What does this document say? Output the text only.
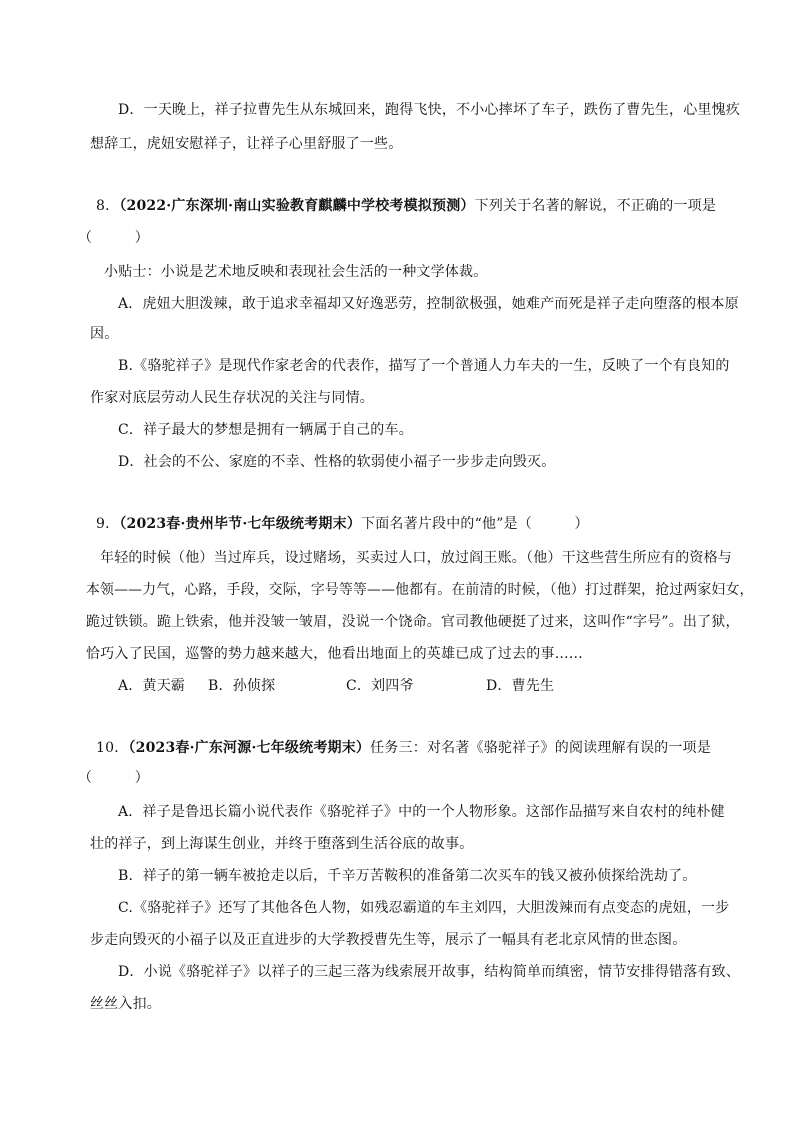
D．一天晚上，祥子拉曹先生从东城回来，跑得飞快，不小心摔坏了车子，跌伤了曹先生，心里愧疚
想辞工，虎妞安慰祥子，让祥子心里舒服了一些。
8．（2022·广东深圳·南山实验教育麒麟中学校考模拟预测）下列关于名著的解说，不正确的一项是
（　　　）
小贴士：小说是艺术地反映和表现社会生活的一种文学体裁。
A．虎妞大胆泼辣，敢于追求幸福却又好逸恶劳，控制欲极强，她难产而死是祥子走向堕落的根本原
因。
B.《骆驼祥子》是现代作家老舍的代表作，描写了一个普通人力车夫的一生，反映了一个有良知的
作家对底层劳动人民生存状况的关注与同情。
C．祥子最大的梦想是拥有一辆属于自己的车。
D．社会的不公、家庭的不幸、性格的软弱使小福子一步步走向毁灭。
9．（2023春·贵州毕节·七年级统考期末）下面名著片段中的“他”是（　　　）
年轻的时候（他）当过库兵，设过赌场，买卖过人口，放过阎王账。（他）干这些营生所应有的资格与
本领——力气，心路，手段，交际，字号等等——他都有。在前清的时候，（他）打过群架，抢过两家妇女，
跪过铁锁。跪上铁索，他并没皱一皱眉，没说一个饶命。官司教他硬挺了过来，这叫作“字号”。出了狱，
恰巧入了民国，巡警的势力越来越大，他看出地面上的英雄已成了过去的事……
A．黄天霸 B．孙侦探	C．刘四爷	D．曹先生
10．（2023春·广东河源·七年级统考期末）任务三：对名著《骆驼祥子》的阅读理解有误的一项是
（　　　）
A．祥子是鲁迅长篇小说代表作《骆驼祥子》中的一个人物形象。这部作品描写来自农村的纯朴健
壮的祥子，到上海谋生创业，并终于堕落到生活谷底的故事。
B．祥子的第一辆车被抢走以后，千辛万苦鞍积的准备第二次买车的钱又被孙侦探给洗劫了。
C.《骆驼祥子》还写了其他各色人物，如残忍霸道的车主刘四，大胆泼辣而有点变态的虎妞，一步
步走向毁灭的小福子以及正直进步的大学教授曹先生等，展示了一幅具有老北京风情的世态图。
D．小说《骆驼祥子》以祥子的三起三落为线索展开故事，结构简单而缜密，情节安排得错落有致、
丝丝入扣。
